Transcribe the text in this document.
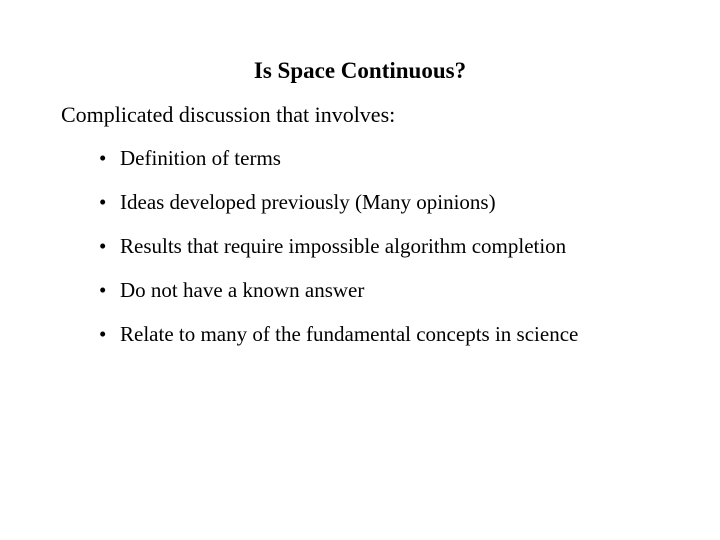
Is Space Continuous?
Complicated discussion that involves:
• Definition of terms
• Ideas developed previously (Many opinions)
• Results that require impossible algorithm completion
• Do not have a known answer
• Relate to many of the fundamental concepts in science
